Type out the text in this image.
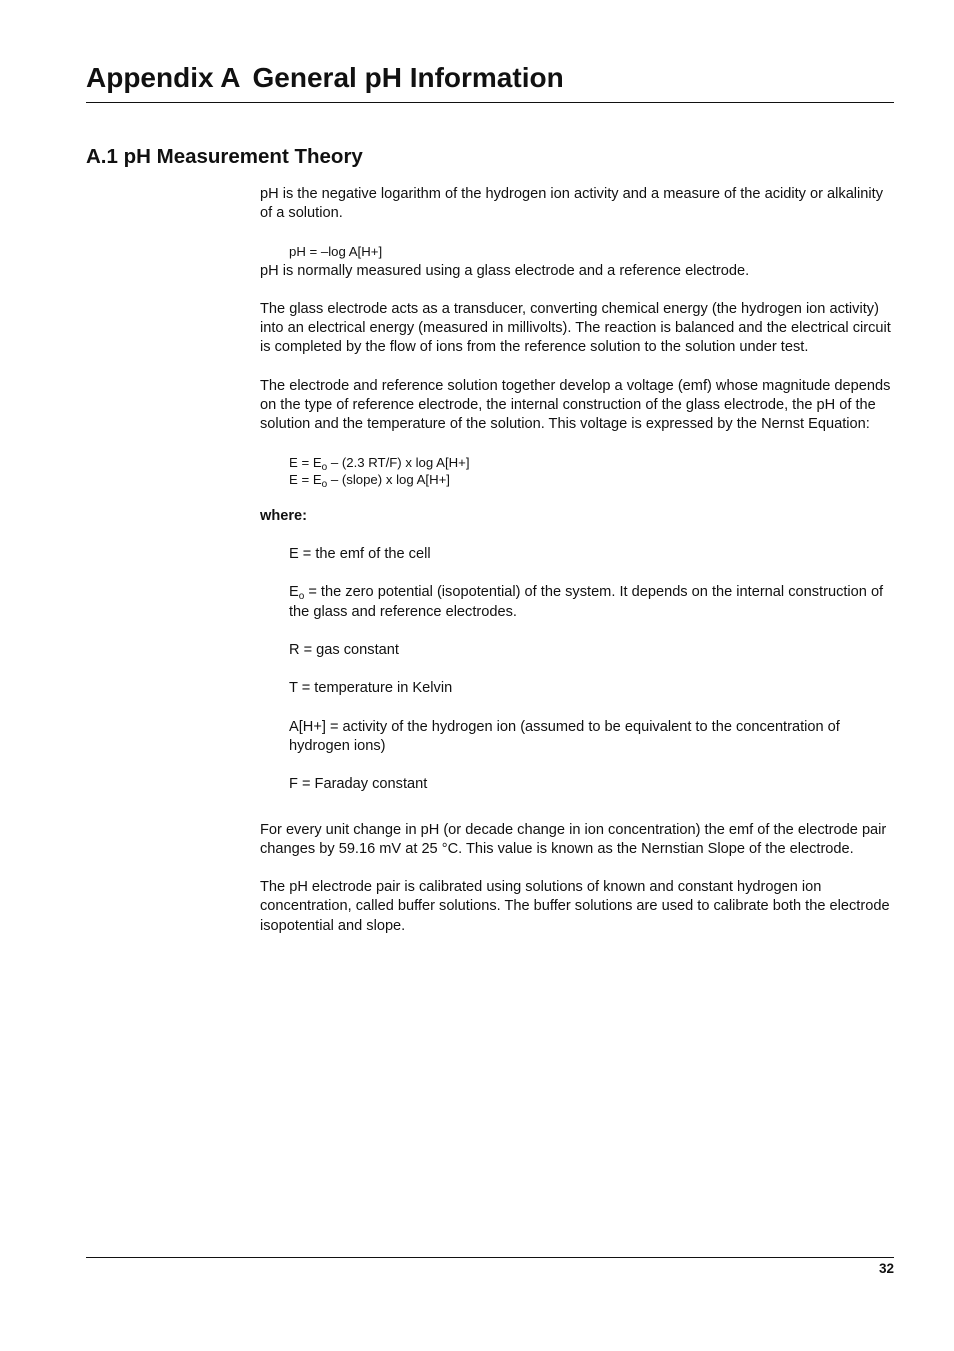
Appendix A General pH Information
A.1 pH Measurement Theory

pH is the negative logarithm of the hydrogen ion activity and a measure of the acidity or alkalinity of a solution.

pH = –log A[H+]

pH is normally measured using a glass electrode and a reference electrode.

The glass electrode acts as a transducer, converting chemical energy (the hydrogen ion activity) into an electrical energy (measured in millivolts). The reaction is balanced and the electrical circuit is completed by the flow of ions from the reference solution to the solution under test.

The electrode and reference solution together develop a voltage (emf) whose magnitude depends on the type of reference electrode, the internal construction of the glass electrode, the pH of the solution and the temperature of the solution. This voltage is expressed by the Nernst Equation:

$E = E_o - (2.3$ RT/F) x log A[H+]

$E = E_o$ – (slope) x log A[H+]

where:

E = the emf of the cell

$E_o$ = the zero potential (isopotential) of the system. It depends on the internal construction of the glass and reference electrodes.

R = gas constant

T = temperature in Kelvin

A[H+] = activity of the hydrogen ion (assumed to be equivalent to the concentration of hydrogen ions)

F = Faraday constant

For every unit change in pH (or decade change in ion concentration) the emf of the electrode pair changes by 59.16 mV at 25 °C. This value is known as the Nernstian Slope of the electrode.

The pH electrode pair is calibrated using solutions of known and constant hydrogen ion concentration, called buffer solutions. The buffer solutions are used to calibrate both the electrode isopotential and slope.

32
